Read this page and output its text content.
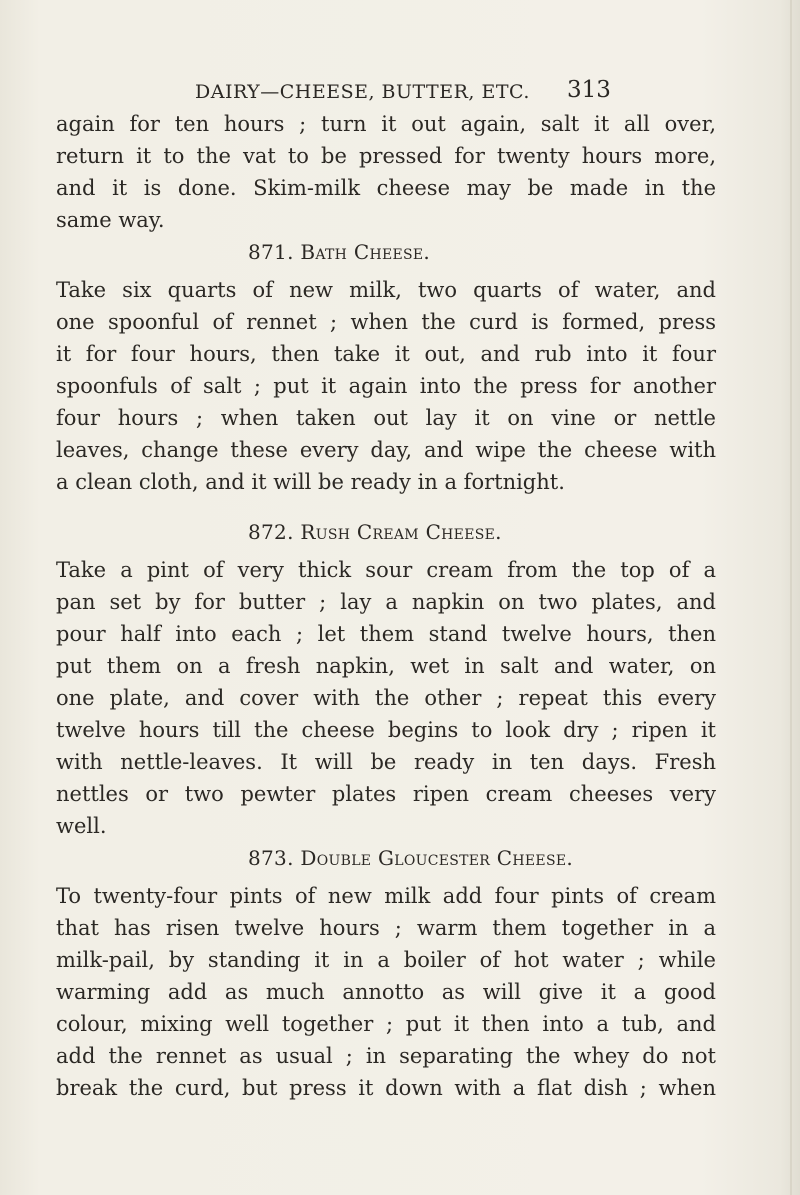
DAIRY—CHEESE, BUTTER, ETC. 313
again for ten hours ; turn it out again, salt it all over,
return it to the vat to be pressed for twenty hours more,
and it is done. Skim-milk cheese may be made in the
same way.
871. Bath Cheese.
Take six quarts of new milk, two quarts of water, and
one spoonful of rennet ; when the curd is formed, press
it for four hours, then take it out, and rub into it four
spoonfuls of salt ; put it again into the press for another
four hours ; when taken out lay it on vine or nettle
leaves, change these every day, and wipe the cheese with
a clean cloth, and it will be ready in a fortnight.
872. Rush Cream Cheese.
Take a pint of very thick sour cream from the top of a
pan set by for butter ; lay a napkin on two plates, and
pour half into each ; let them stand twelve hours, then
put them on a fresh napkin, wet in salt and water, on
one plate, and cover with the other ; repeat this every
twelve hours till the cheese begins to look dry ; ripen it
with nettle-leaves. It will be ready in ten days. Fresh
nettles or two pewter plates ripen cream cheeses very
well.
873. Double Gloucester Cheese.
To twenty-four pints of new milk add four pints of cream
that has risen twelve hours ; warm them together in a
milk-pail, by standing it in a boiler of hot water ; while
warming add as much annotto as will give it a good
colour, mixing well together ; put it then into a tub, and
add the rennet as usual ; in separating the whey do not
break the curd, but press it down with a flat dish ; when
